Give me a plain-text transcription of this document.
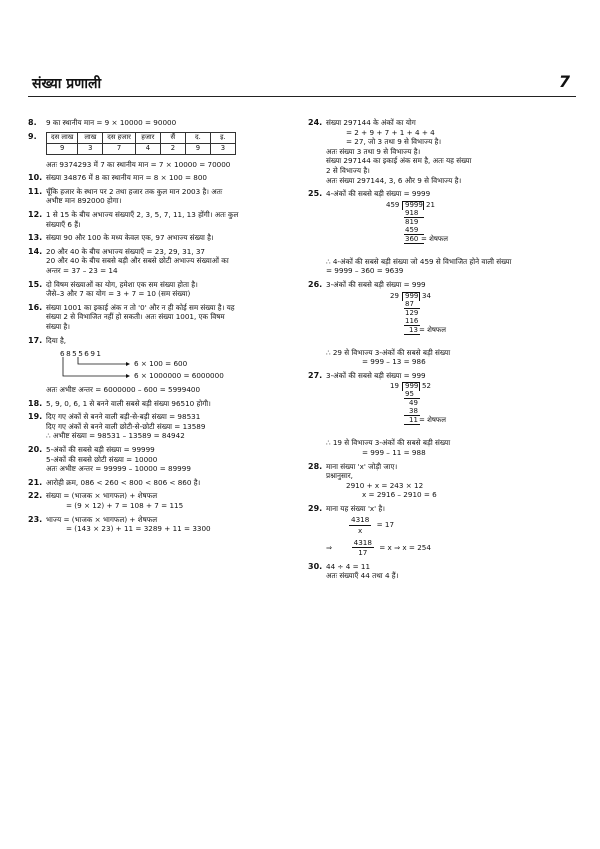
संख्या प्रणाली	7
8. 9 का स्थानीय मान = 9 × 10000 = 90000
9. दस लाख	लाख	दस हजार	हजार	सैं	द.	इ.
9	3	7	4	2	9	3
अतः 9374293 में 7 का स्थानीय मान = 7 × 10000 = 70000
10. संख्या 34876 में 8 का स्थानीय मान = 8 × 100 = 800
11. चूँकि हजार के स्थान पर 2 तथा हजार तक कुल मान 2003 है। अतः
अभीष्ट मान 892000 होगा।
12. 1 से 15 के बीच अभाज्य संख्याएँ 2, 3, 5, 7, 11, 13 होंगी। अतः कुल
संख्याएँ 6 हैं।
13. संख्या 90 और 100 के मध्य केवल एक, 97 अभाज्य संख्या है।
14. 20 और 40 के बीच अभाज्य संख्याएँ = 23, 29, 31, 37
20 और 40 के बीच सबसे बड़ी और सबसे छोटी अभाज्य संख्याओं का
अन्तर = 37 – 23 = 14
15. दो विषम संख्याओं का योग, हमेशा एक सम संख्या होता है।
जैसे–3 और 7 का योग = 3 + 7 = 10 (सम संख्या)
16. संख्या 1001 का इकाई अंक न तो '0' और न ही कोई सम संख्या है। यह
संख्या 2 से विभाजित नहीं हो सकती। अतः संख्या 1001, एक विषम
संख्या है।
17. दिया है,
6855691
6 × 100 = 600
6 × 1000000 = 6000000
अतः अभीष्ट अन्तर = 6000000 – 600 = 5999400
18. 5, 9, 0, 6, 1 से बनने वाली सबसे बड़ी संख्या 96510 होगी।
19. दिए गए अंकों से बनने वाली बड़ी-से-बड़ी संख्या = 98531
दिए गए अंकों से बनने वाली छोटी-से-छोटी संख्या = 13589
∴ अभीष्ट संख्या = 98531 – 13589 = 84942
20. 5-अंकों की सबसे बड़ी संख्या = 99999
5-अंकों की सबसे छोटी संख्या = 10000
अतः अभीष्ट अन्तर = 99999 – 10000 = 89999
21. आरोही क्रम, 086 < 260 < 800 < 806 < 860 है।
22. संख्या = (भाजक × भागफल) + शेषफल
= (9 × 12) + 7 = 108 + 7 = 115
23. भाज्य = (भाजक × भागफल) + शेषफल
= (143 × 23) + 11 = 3289 + 11 = 3300
24. संख्या 297144 के अंकों का योग
= 2 + 9 + 7 + 1 + 4 + 4
= 27, जो 3 तथा 9 से विभाज्य है।
अतः संख्या 3 तथा 9 से विभाज्य है।
संख्या 297144 का इकाई अंक सम है, अतः यह संख्या
2 से विभाज्य है।
अतः संख्या 297144, 3, 6 और 9 से विभाज्य है।
25. 4-अंकों की सबसे बड़ी संख्या = 9999
459 9999 21
918
819
459
360 = शेषफल
∴ 4-अंकों की सबसे बड़ी संख्या जो 459 से विभाजित होने वाली संख्या
= 9999 – 360 = 9639
26. 3-अंकों की सबसे बड़ी संख्या = 999
29 999 34
87
129
116
13 = शेषफल
∴ 29 से विभाज्य 3-अंकों की सबसे बड़ी संख्या
= 999 – 13 = 986
27. 3-अंकों की सबसे बड़ी संख्या = 999
19 999 52
95
49
38
11 = शेषफल
∴ 19 से विभाज्य 3-अंकों की सबसे बड़ी संख्या
= 999 – 11 = 988
28. माना संख्या 'x' जोड़ी जाए।
प्रश्नानुसार,
2910 + x = 243 × 12
x = 2916 – 2910 = 6
29. माना यह संख्या 'x' है।
$\frac{4318}{x} = 17$
⇒	$\frac{4318}{17} = x$ ⇒ x = 254
30. 44 ÷ 4 = 11
अतः संख्याएँ 44 तथा 4 हैं।
